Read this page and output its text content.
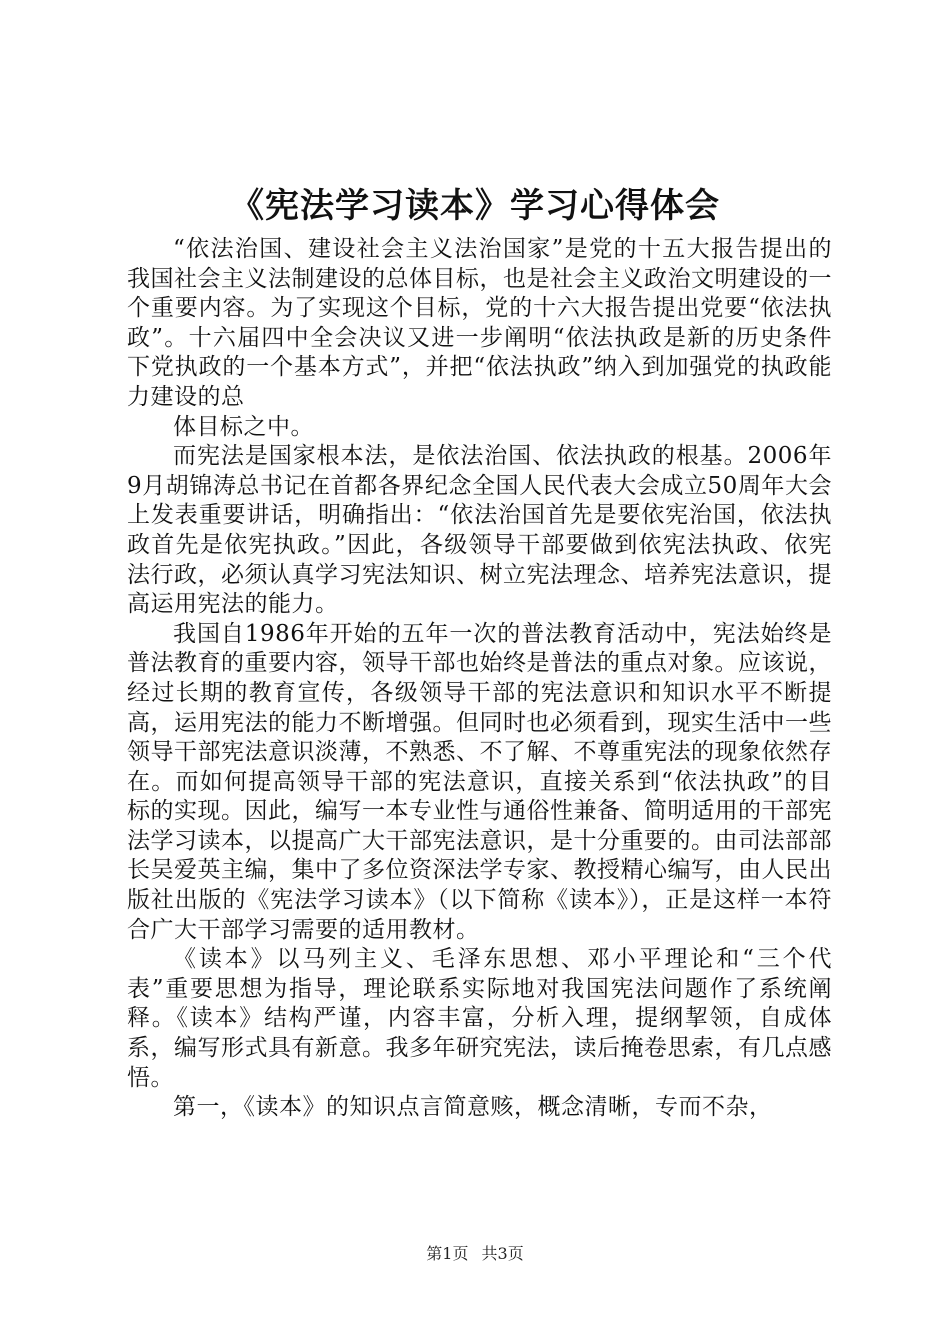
《宪法学习读本》学习心得体会

“依法治国、建设社会主义法治国家”是党的十五大报告提出的我国社会主义法制建设的总体目标，也是社会主义政治文明建设的一个重要内容。为了实现这个目标，党的十六大报告提出党要“依法执政”。十六届四中全会决议又进一步阐明“依法执政是新的历史条件下党执政的一个基本方式”，并把“依法执政”纳入到加强党的执政能力建设的总

体目标之中。

而宪法是国家根本法，是依法治国、依法执政的根基。2006年9月胡锦涛总书记在首都各界纪念全国人民代表大会成立50周年大会上发表重要讲话，明确指出：“依法治国首先是要依宪治国，依法执政首先是依宪执政。”因此，各级领导干部要做到依宪法执政、依宪法行政，必须认真学习宪法知识、树立宪法理念、培养宪法意识，提高运用宪法的能力。

我国自1986年开始的五年一次的普法教育活动中，宪法始终是普法教育的重要内容，领导干部也始终是普法的重点对象。应该说，经过长期的教育宣传，各级领导干部的宪法意识和知识水平不断提高，运用宪法的能力不断增强。但同时也必须看到，现实生活中一些领导干部宪法意识淡薄，不熟悉、不了解、不尊重宪法的现象依然存在。而如何提高领导干部的宪法意识，直接关系到“依法执政”的目标的实现。因此，编写一本专业性与通俗性兼备、简明适用的干部宪法学习读本，以提高广大干部宪法意识，是十分重要的。由司法部部长吴爱英主编，集中了多位资深法学专家、教授精心编写，由人民出版社出版的《宪法学习读本》（以下简称《读本》），正是这样一本符合广大干部学习需要的适用教材。

《读本》以马列主义、毛泽东思想、邓小平理论和“三个代表”重要思想为指导，理论联系实际地对我国宪法问题作了系统阐释。《读本》结构严谨，内容丰富，分析入理，提纲挈领，自成体系，编写形式具有新意。我多年研究宪法，读后掩卷思索，有几点感悟。

第一，《读本》的知识点言简意赅，概念清晰，专而不杂，

第1页 共3页
